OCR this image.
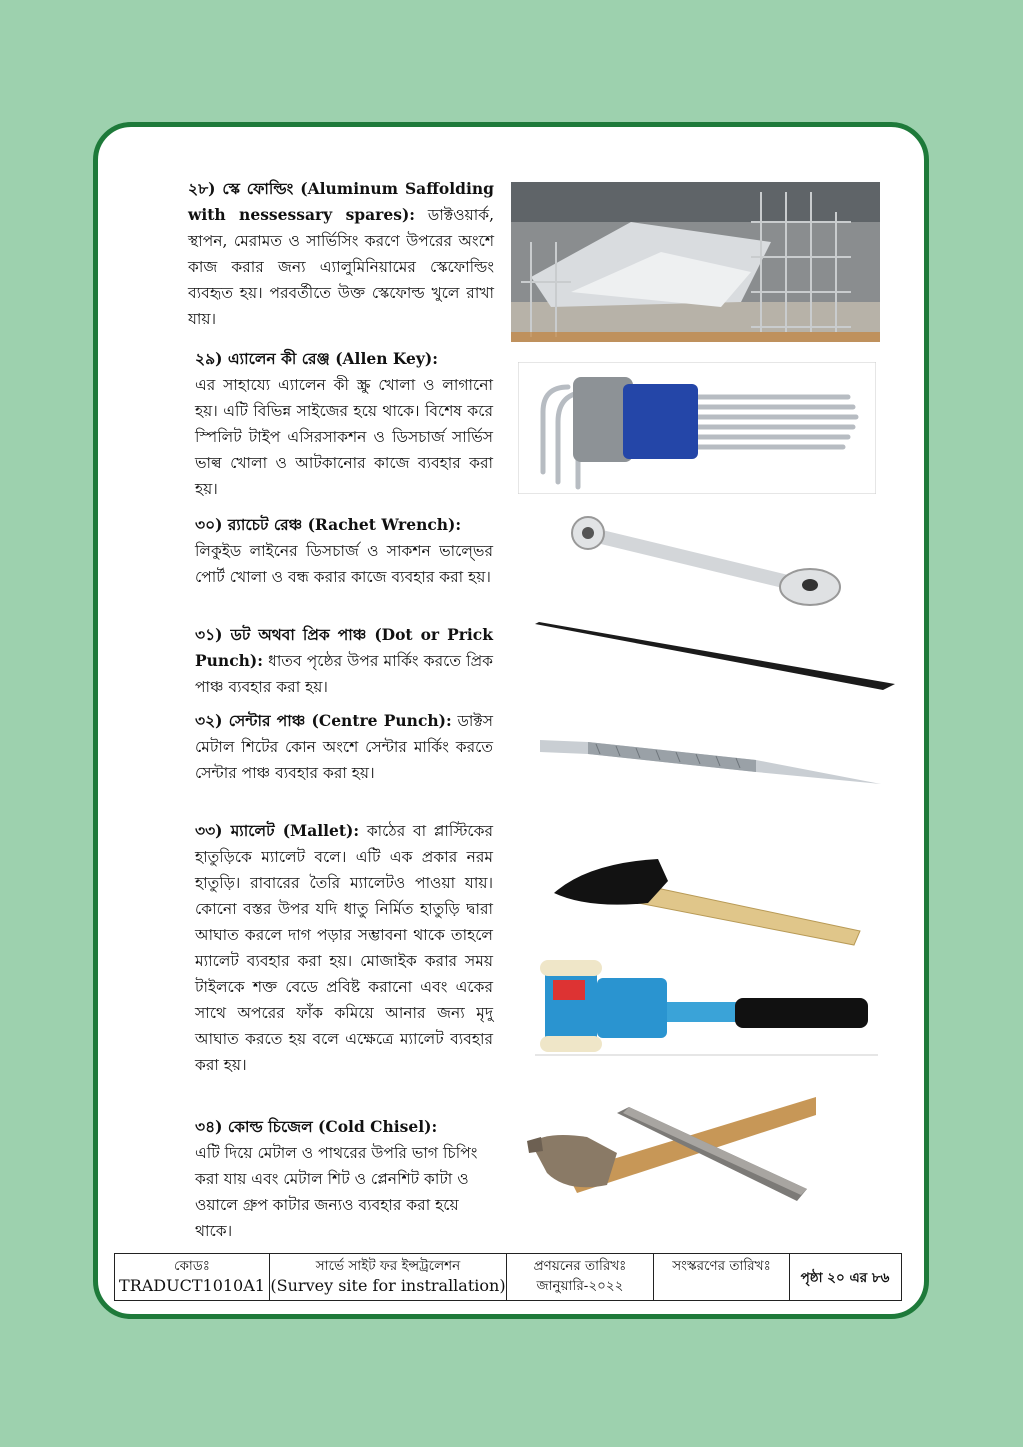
২৮) স্কে ফোল্ডিং (Aluminum Saffolding with nessessary spares): ডাক্টওয়ার্ক, স্থাপন, মেরামত ও সার্ভিসিং করণে উপরের অংশে কাজ করার জন্য এ্যালুমিনিয়ামের স্কেফোল্ডিং ব্যবহৃত হয়। পরবর্তীতে উক্ত স্কেফোল্ড খুলে রাখা যায়।
২৯) এ্যালেন কী রেঞ্জ (Allen Key):
এর সাহায্যে এ্যালেন কী স্ক্রু খোলা ও লাগানো হয়। এটি বিভিন্ন সাইজের হয়ে থাকে। বিশেষ করে স্পিলিট টাইপ এসিরসাকশন ও ডিসচার্জ সার্ভিস ভাল্ব খোলা ও আটকানোর কাজে ব্যবহার করা হয়।
৩০) র‍্যাচেট রেঞ্চ (Rachet Wrench):
লিকুইড লাইনের ডিসচার্জ ও সাকশন ভাল্ভের পোর্ট খোলা ও বন্ধ করার কাজে ব্যবহার করা হয়।
৩১) ডট অথবা প্রিক পাঞ্চ (Dot or Prick Punch): ধাতব পৃষ্ঠের উপর মার্কিং করতে প্রিক পাঞ্চ ব্যবহার করা হয়।
৩২) সেন্টার পাঞ্চ (Centre Punch): ডাক্টস মেটাল শিটের কোন অংশে সেন্টার মার্কিং করতে সেন্টার পাঞ্চ ব্যবহার করা হয়।
৩৩) ম্যালেট (Mallet): কাঠের বা প্লাস্টিকের হাতুড়িকে ম্যালেট বলে। এটি এক প্রকার নরম হাতুড়ি। রাবারের তৈরি ম্যালেটও পাওয়া যায়। কোনো বস্তর উপর যদি ধাতু নির্মিত হাতুড়ি দ্বারা আঘাত করলে দাগ পড়ার সম্ভাবনা থাকে তাহলে ম্যালেট ব্যবহার করা হয়। মোজাইক করার সময় টাইলকে শক্ত বেডে প্রবিষ্ট করানো এবং একের সাথে অপরের ফাঁক কমিয়ে আনার জন্য মৃদু আঘাত করতে হয় বলে এক্ষেত্রে ম্যালেট ব্যবহার করা হয়।
৩৪) কোল্ড চিজেল (Cold Chisel):
এটি দিয়ে মেটাল ও পাথরের উপরি ভাগ চিপিং করা যায় এবং মেটাল শিট ও প্লেনশিট কাটা ও ওয়ালে গ্রুপ কাটার জন্যও ব্যবহার করা হয়ে থাকে।
কোডঃ
TRADUCT1010A1
সার্ভে সাইট ফর ইন্সট্রলেশন
(Survey site for instrallation)
প্রণয়নের তারিখঃ
জানুয়ারি-২০২২
সংস্করণের তারিখঃ
পৃষ্ঠা ২০ এর ৮৬
